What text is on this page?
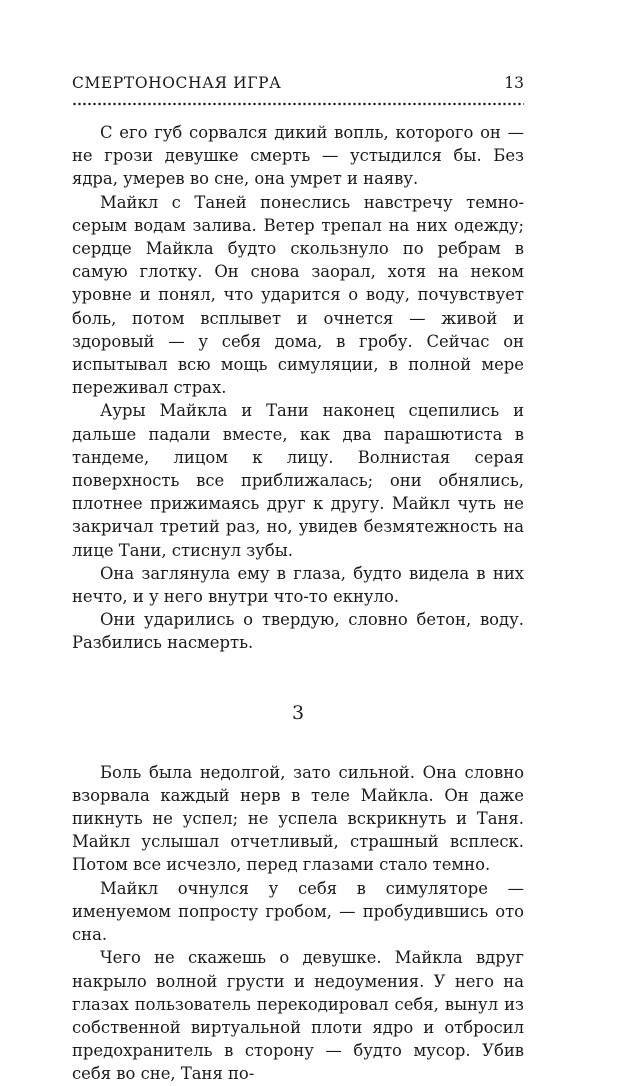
СМЕРТОНОСНАЯ ИГРА	13

С его губ сорвался дикий вопль, которого он — не грози девушке смерть — устыдился бы. Без ядра, умерев во сне, она умрет и наяву.

Майкл с Таней понеслись навстречу темно-серым водам залива. Ветер трепал на них одежду; сердце Майкла будто скользнуло по ребрам в самую глотку. Он снова заорал, хотя на неком уровне и понял, что ударится о воду, почувствует боль, потом всплывет и очнется — живой и здоровый — у себя дома, в гробу. Сейчас он испытывал всю мощь симуляции, в полной мере переживал страх.

Ауры Майкла и Тани наконец сцепились и дальше падали вместе, как два парашютиста в тандеме, лицом к лицу. Волнистая серая поверхность все приближалась; они обнялись, плотнее прижимаясь друг к другу. Майкл чуть не закричал третий раз, но, увидев безмятежность на лице Тани, стиснул зубы.

Она заглянула ему в глаза, будто видела в них нечто, и у него внутри что-то екнуло.

Они ударились о твердую, словно бетон, воду. Разбились насмерть.

3

Боль была недолгой, зато сильной. Она словно взорвала каждый нерв в теле Майкла. Он даже пикнуть не успел; не успела вскрикнуть и Таня. Майкл услышал отчетливый, страшный всплеск. Потом все исчезло, перед глазами стало темно.

Майкл очнулся у себя в симуляторе — именуемом попросту гробом, — пробудившись ото сна.

Чего не скажешь о девушке. Майкла вдруг накрыло волной грусти и недоумения. У него на глазах пользователь перекодировал себя, вынул из собственной виртуальной плоти ядро и отбросил предохранитель в сторону — будто мусор. Убив себя во сне, Таня по-
